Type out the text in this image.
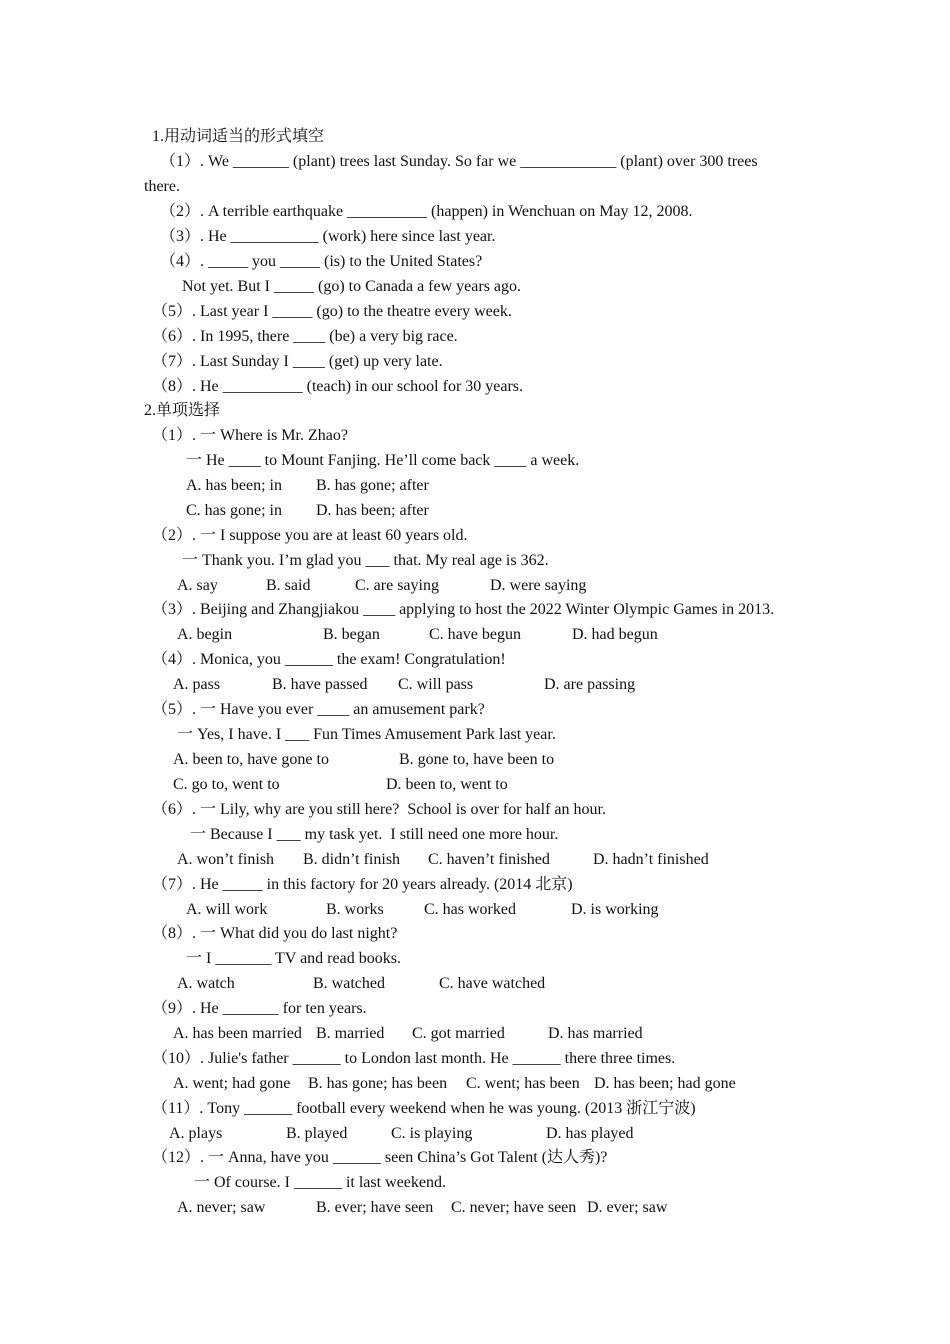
1.用动词适当的形式填空
（1）. We _______ (plant) trees last Sunday. So far we ____________ (plant) over 300 trees
there.
（2）. A terrible earthquake __________ (happen) in Wenchuan on May 12, 2008.
（3）. He ___________ (work) here since last year.
（4）. _____ you _____ (is) to the United States?
Not yet. But I _____ (go) to Canada a few years ago.
（5）. Last year I _____ (go) to the theatre every week.
（6）. In 1995, there ____ (be) a very big race.
（7）. Last Sunday I ____ (get) up very late.
（8）. He __________ (teach) in our school for 30 years.
2.单项选择
（1）. 一 Where is Mr. Zhao?
一 He ____ to Mount Fanjing. He’ll come back ____ a week.
A. has been; in B. has gone; after
C. has gone; in D. has been; after
（2）. 一 I suppose you are at least 60 years old.
一 Thank you. I’m glad you ___ that. My real age is 362.
A. say	B. said	C. are saying	D. were saying
（3）. Beijing and Zhangjiakou ____ applying to host the 2022 Winter Olympic Games in 2013.
A. begin	B. began	C. have begun	D. had begun
（4）. Monica, you ______ the exam! Congratulation!
A. pass	B. have passed C. will pass	D. are passing
（5）. 一 Have you ever ____ an amusement park?
一 Yes, I have. I ___ Fun Times Amusement Park last year.
A. been to, have gone to	B. gone to, have been to
C. go to, went to	D. been to, went to
（6）. 一 Lily, why are you still here?  School is over for half an hour.
一 Because I ___ my task yet.  I still need one more hour.
A. won’t finish B. didn’t finish C. haven’t finished	D. hadn’t finished
（7）. He _____ in this factory for 20 years already. (2014 北京)
A. will work	B. works	C. has worked	D. is working
（8）. 一 What did you do last night?
一 I _______ TV and read books.
A. watch	B. watched	C. have watched
（9）. He _______ for ten years.
A. has been married B. married C. got married	D. has married
（10）. Julie's father ______ to London last month. He ______ there three times.
A. went; had gone B. has gone; has been C. went; has been D. has been; had gone
（11）. Tony ______ football every weekend when he was young. (2013 浙江宁波)
A. plays	B. played	C. is playing	D. has played
（12）. 一 Anna, have you ______ seen China’s Got Talent (达人秀)?
一 Of course. I ______ it last weekend.
A. never; saw	B. ever; have seen C. never; have seen D. ever; saw
